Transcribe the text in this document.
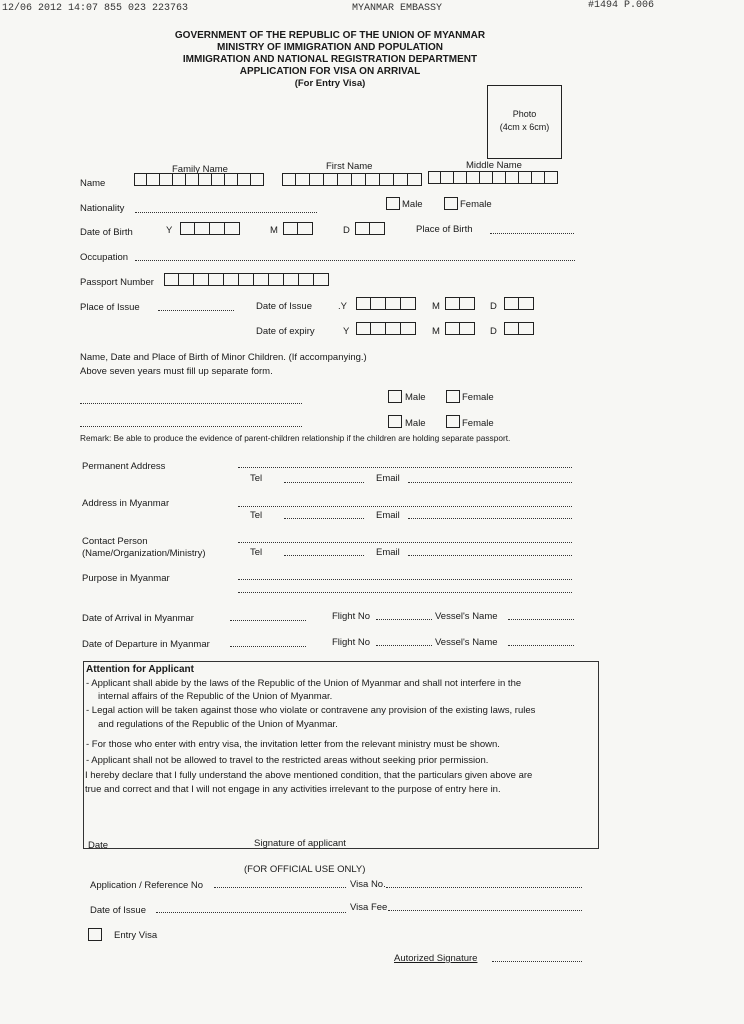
12/06 2012 14:07 855 023 223763	MYANMAR EMBASSY	#1494 P.006
GOVERNMENT OF THE REPUBLIC OF THE UNION OF MYANMAR
MINISTRY OF IMMIGRATION AND POPULATION
IMMIGRATION AND NATIONAL REGISTRATION DEPARTMENT
APPLICATION FOR VISA ON ARRIVAL
(For Entry Visa)
Photo
(4cm x 6cm)
Family Name	First Name	Middle Name
Name
Nationality	Male	Female
Date of Birth	Y	M	D	Place of Birth
Occupation
Passport Number
Place of Issue	Date of Issue	.Y	M	D
Date of expiry	Y	M	D
Name, Date and Place of Birth of Minor Children. (If accompanying.)
Above seven years must fill up separate form.
Male	Female
Male	Female
Remark: Be able to produce the evidence of parent-children relationship if the children are holding separate passport.
Permanent Address
Tel	Email
Address in Myanmar
Tel	Email
Contact Person
(Name/Organization/Ministry)	Tel	Email
Purpose in Myanmar
Date of Arrival in Myanmar	Flight No	Vessel's Name
Date of Departure in Myanmar	Flight No	Vessel's Name
Attention for Applicant
- Applicant shall abide by the laws of the Republic of the Union of Myanmar and shall not interfere in the
internal affairs of the Republic of the Union of Myanmar.
- Legal action will be taken against those who violate or contravene any provision of the existing laws, rules
and regulations of the Republic of the Union of Myanmar.
- For those who enter with entry visa, the invitation letter from the relevant ministry must be shown.
- Applicant shall not be allowed to travel to the restricted areas without seeking prior permission.
I hereby declare that I fully understand the above mentioned condition, that the particulars given above are
true and correct and that I will not engage in any activities irrelevant to the purpose of entry here in.
Date	Signature of applicant
(FOR OFFICIAL USE ONLY)
Application / Reference No	Visa No.
Date of Issue	Visa Fee
Entry Visa
Autorized Signature
